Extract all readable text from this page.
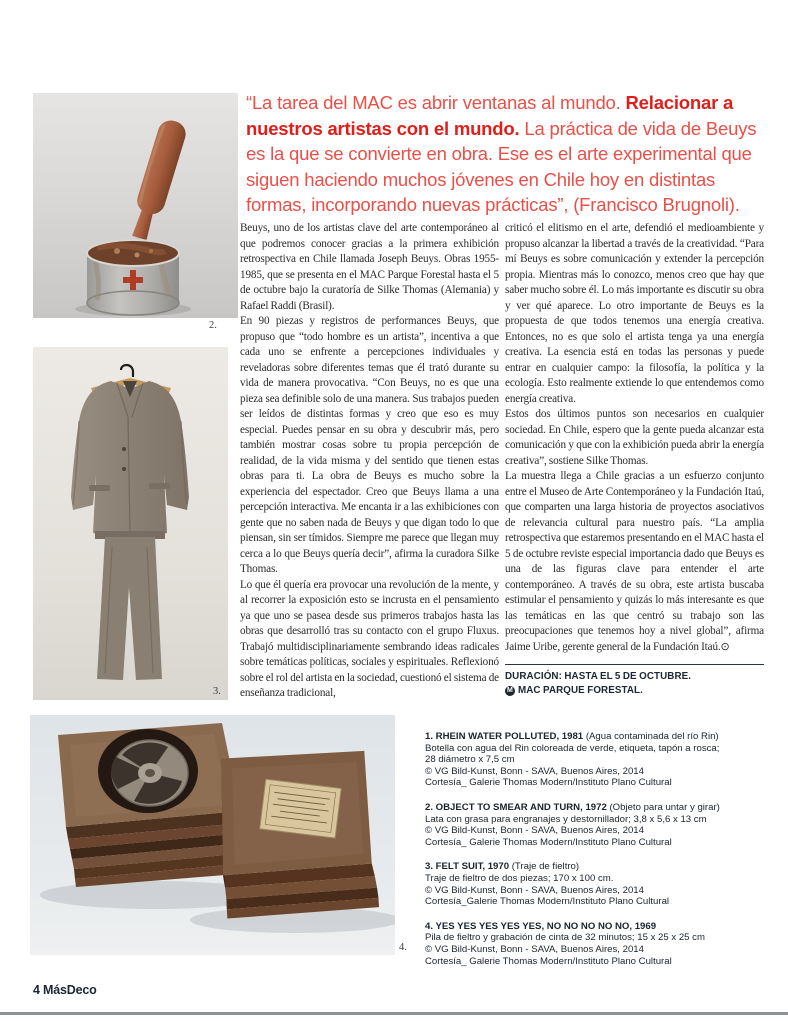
2.
“La tarea del MAC es abrir ventanas al mundo. Relacionar a nuestros artistas con el mundo. La práctica de vida de Beuys es la que se convierte en obra. Ese es el arte experimental que siguen haciendo muchos jóvenes en Chile hoy en distintas formas, incorporando nuevas prácticas”, (Francisco Brugnoli).

Beuys, uno de los artistas clave del arte contemporáneo al que podremos conocer gracias a la primera exhibición retrospectiva en Chile llamada Joseph Beuys. Obras 1955-1985, que se presenta en el MAC Parque Forestal hasta el 5 de octubre bajo la curatoría de Silke Thomas (Alemania) y Rafael Raddi (Brasil).

En 90 piezas y registros de performances Beuys, que propuso que “todo hombre es un artista”, incentiva a que cada uno se enfrente a percepciones individuales y reveladoras sobre diferentes temas que él trató durante su vida de manera provocativa. “Con Beuys, no es que una pieza sea definible solo de una manera. Sus trabajos pueden ser leídos de distintas formas y creo que eso es muy especial. Puedes pensar en su obra y descubrir más, pero también mostrar cosas sobre tu propia percepción de realidad, de la vida misma y del sentido que tienen estas obras para ti. La obra de Beuys es mucho sobre la experiencia del espectador. Creo que Beuys llama a una percepción interactiva. Me encanta ir a las exhibiciones con gente que no saben nada de Beuys y que digan todo lo que piensan, sin ser tímidos. Siempre me parece que llegan muy cerca a lo que Beuys quería decir”, afirma la curadora Silke Thomas.

Lo que él quería era provocar una revolución de la mente, y al recorrer la exposición esto se incrusta en el pensamiento ya que uno se pasea desde sus primeros trabajos hasta las obras que desarrolló tras su contacto con el grupo Fluxus. Trabajó multidisciplinariamente sembrando ideas radicales sobre temáticas políticas, sociales y espirituales. Reflexionó sobre el rol del artista en la sociedad, cuestionó el sistema de enseñanza tradicional,

criticó el elitismo en el arte, defendió el medioambiente y propuso alcanzar la libertad a través de la creatividad. “Para mí Beuys es sobre comunicación y extender la percepción propia. Mientras más lo conozco, menos creo que hay que saber mucho sobre él. Lo más importante es discutir su obra y ver qué aparece. Lo otro importante de Beuys es la propuesta de que todos tenemos una energía creativa. Entonces, no es que solo el artista tenga ya una energía creativa. La esencia está en todas las personas y puede entrar en cualquier campo: la filosofía, la política y la ecología. Esto realmente extiende lo que entendemos como energía creativa.

Estos dos últimos puntos son necesarios en cualquier sociedad. En Chile, espero que la gente pueda alcanzar esta comunicación y que con la exhibición pueda abrir la energía creativa”, sostiene Silke Thomas.

La muestra llega a Chile gracias a un esfuerzo conjunto entre el Museo de Arte Contemporáneo y la Fundación Itaú, que comparten una larga historia de proyectos asociativos de relevancia cultural para nuestro país. “La amplia retrospectiva que estaremos presentando en el MAC hasta el 5 de octubre reviste especial importancia dado que Beuys es una de las figuras clave para entender el arte contemporáneo. A través de su obra, este artista buscaba estimular el pensamiento y quizás lo más interesante es que las temáticas en las que centró su trabajo son las preocupaciones que tenemos hoy a nivel global”, afirma Jaime Uribe, gerente general de la Fundación Itaú.⊙

DURACIÓN: HASTA EL 5 DE OCTUBRE.
M MAC PARQUE FORESTAL.
3.
4.
1. RHEIN WATER POLLUTED, 1981 (Agua contaminada del río Rin)
Botella con agua del Rin coloreada de verde, etiqueta, tapón a rosca;
28 diámetro x 7,5 cm
© VG Bild-Kunst, Bonn - SAVA, Buenos Aires, 2014
Cortesía_ Galerie Thomas Modern/Instituto Plano Cultural
2. OBJECT TO SMEAR AND TURN, 1972 (Objeto para untar y girar)
Lata con grasa para engranajes y destornillador; 3,8 x 5,6 x 13 cm
© VG Bild-Kunst, Bonn - SAVA, Buenos Aires, 2014
Cortesía_ Galerie Thomas Modern/Instituto Plano Cultural
3. FELT SUIT, 1970 (Traje de fieltro)
Traje de fieltro de dos piezas; 170 x 100 cm.
© VG Bild-Kunst, Bonn - SAVA, Buenos Aires, 2014
Cortesía_Galerie Thomas Modern/Instituto Plano Cultural
4. YES YES YES YES YES, NO NO NO NO NO, 1969
Pila de fieltro y grabación de cinta de 32 minutos; 15 x 25 x 25 cm
© VG Bild-Kunst, Bonn - SAVA, Buenos Aires, 2014
Cortesía_ Galerie Thomas Modern/Instituto Plano Cultural
4 MásDeco
